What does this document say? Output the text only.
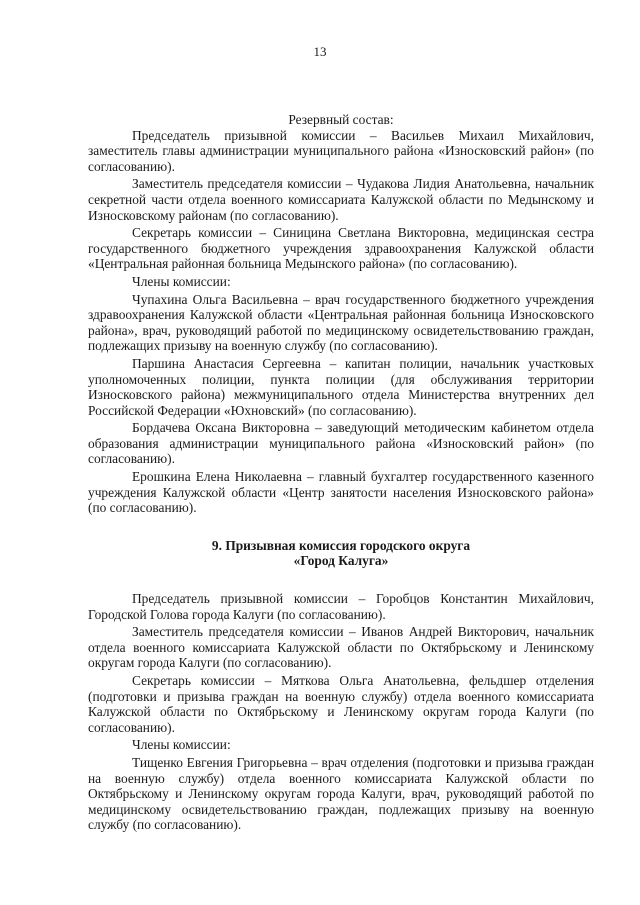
13
Резервный состав:

Председатель призывной комиссии – Васильев Михаил Михайлович, заместитель главы администрации муниципального района «Износковский район» (по согласованию).

Заместитель председателя комиссии – Чудакова Лидия Анатольевна, начальник секретной части отдела военного комиссариата Калужской области по Медынскому и Износковскому районам (по согласованию).

Секретарь комиссии – Синицина Светлана Викторовна, медицинская сестра государственного бюджетного учреждения здравоохранения Калужской области «Центральная районная больница Медынского района» (по согласованию).

Члены комиссии:

Чупахина Ольга Васильевна – врач государственного бюджетного учреждения здравоохранения Калужской области «Центральная районная больница Износковского района», врач, руководящий работой по медицинскому освидетельствованию граждан, подлежащих призыву на военную службу (по согласованию).

Паршина Анастасия Сергеевна – капитан полиции, начальник участковых уполномоченных полиции, пункта полиции (для обслуживания территории Износковского района) межмуниципального отдела Министерства внутренних дел Российской Федерации «Юхновский» (по согласованию).

Бордачева Оксана Викторовна – заведующий методическим кабинетом отдела образования администрации муниципального района «Износковский район» (по согласованию).

Ерошкина Елена Николаевна – главный бухгалтер государственного казенного учреждения Калужской области «Центр занятости населения Износковского района» (по согласованию).

9. Призывная комиссия городского округа
«Город Калуга»

Председатель призывной комиссии – Горобцов Константин Михайлович, Городской Голова города Калуги (по согласованию).

Заместитель председателя комиссии – Иванов Андрей Викторович, начальник отдела военного комиссариата Калужской области по Октябрьскому и Ленинскому округам города Калуги (по согласованию).

Секретарь комиссии – Мяткова Ольга Анатольевна, фельдшер отделения (подготовки и призыва граждан на военную службу) отдела военного комиссариата Калужской области по Октябрьскому и Ленинскому округам города Калуги (по согласованию).

Члены комиссии:

Тищенко Евгения Григорьевна – врач отделения (подготовки и призыва граждан на военную службу) отдела военного комиссариата Калужской области по Октябрьскому и Ленинскому округам города Калуги, врач, руководящий работой по медицинскому освидетельствованию граждан, подлежащих призыву на военную службу (по согласованию).
